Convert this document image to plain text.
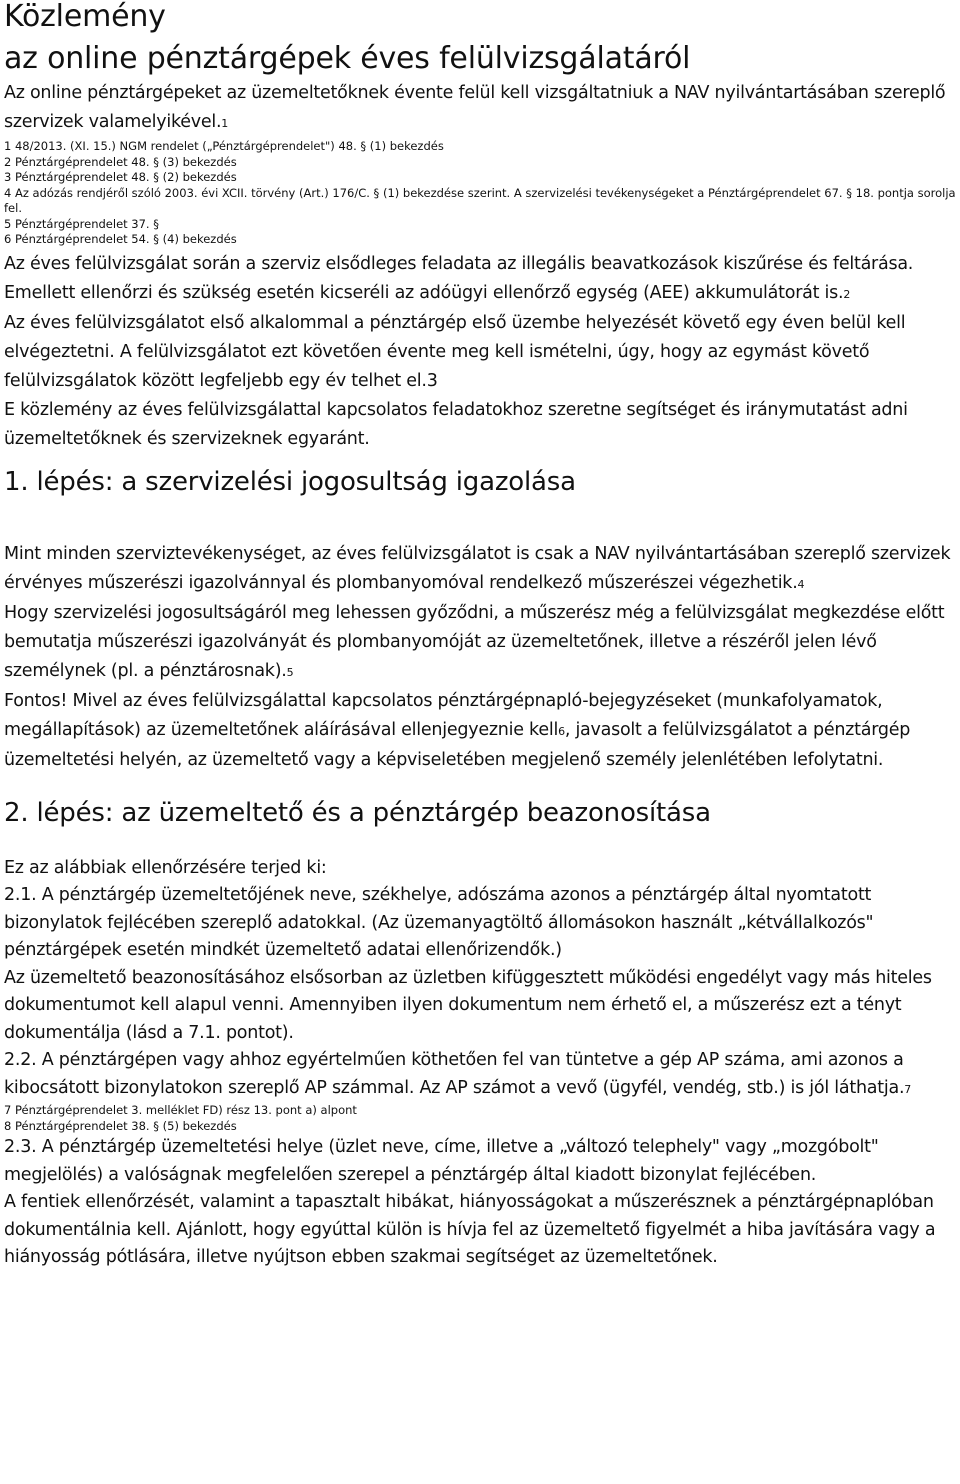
Közlemény
az online pénztárgépek éves felülvizsgálatáról

Az online pénztárgépeket az üzemeltetőknek évente felül kell vizsgáltatniuk a NAV nyilvántartásában szereplő szervizek valamelyikével.1

1 48/2013. (XI. 15.) NGM rendelet („Pénztárgéprendelet") 48. § (1) bekezdés

2 Pénztárgéprendelet 48. § (3) bekezdés

3 Pénztárgéprendelet 48. § (2) bekezdés

4 Az adózás rendjéről szóló 2003. évi XCII. törvény (Art.) 176/C. § (1) bekezdése szerint. A szervizelési tevékenységeket a Pénztárgéprendelet 67. § 18. pontja sorolja fel.

5 Pénztárgéprendelet 37. §

6 Pénztárgéprendelet 54. § (4) bekezdés

Az éves felülvizsgálat során a szerviz elsődleges feladata az illegális beavatkozások kiszűrése és feltárása. Emellett ellenőrzi és szükség esetén kicseréli az adóügyi ellenőrző egység (AEE) akkumulátorát is.2

Az éves felülvizsgálatot első alkalommal a pénztárgép első üzembe helyezését követő egy éven belül kell elvégeztetni. A felülvizsgálatot ezt követően évente meg kell ismételni, úgy, hogy az egymást követő felülvizsgálatok között legfeljebb egy év telhet el.3

E közlemény az éves felülvizsgálattal kapcsolatos feladatokhoz szeretne segítséget és iránymutatást adni üzemeltetőknek és szervizeknek egyaránt.

1. lépés: a szervizelési jogosultság igazolása

Mint minden szerviztevékenységet, az éves felülvizsgálatot is csak a NAV nyilvántartásában szereplő szervizek érvényes műszerészi igazolvánnyal és plombanyomóval rendelkező műszerészei végezhetik.4

Hogy szervizelési jogosultságáról meg lehessen győződni, a műszerész még a felülvizsgálat megkezdése előtt bemutatja műszerészi igazolványát és plombanyomóját az üzemeltetőnek, illetve a részéről jelen lévő személynek (pl. a pénztárosnak).5

Fontos! Mivel az éves felülvizsgálattal kapcsolatos pénztárgépnapló-bejegyzéseket (munkafolyamatok, megállapítások) az üzemeltetőnek aláírásával ellenjegyeznie kell6, javasolt a felülvizsgálatot a pénztárgép üzemeltetési helyén, az üzemeltető vagy a képviseletében megjelenő személy jelenlétében lefolytatni.

2. lépés: az üzemeltető és a pénztárgép beazonosítása

Ez az alábbiak ellenőrzésére terjed ki:

2.1. A pénztárgép üzemeltetőjének neve, székhelye, adószáma azonos a pénztárgép által nyomtatott bizonylatok fejlécében szereplő adatokkal. (Az üzemanyagtöltő állomásokon használt „kétvállalkozós" pénztárgépek esetén mindkét üzemeltető adatai ellenőrizendők.)

Az üzemeltető beazonosításához elsősorban az üzletben kifüggesztett működési engedélyt vagy más hiteles dokumentumot kell alapul venni. Amennyiben ilyen dokumentum nem érhető el, a műszerész ezt a tényt dokumentálja (lásd a 7.1. pontot).

2.2. A pénztárgépen vagy ahhoz egyértelműen köthetően fel van tüntetve a gép AP száma, ami azonos a kibocsátott bizonylatokon szereplő AP számmal. Az AP számot a vevő (ügyfél, vendég, stb.) is jól láthatja.7

7 Pénztárgéprendelet 3. melléklet FD) rész 13. pont a) alpont

8 Pénztárgéprendelet 38. § (5) bekezdés

2.3. A pénztárgép üzemeltetési helye (üzlet neve, címe, illetve a „változó telephely" vagy „mozgóbolt" megjelölés) a valóságnak megfelelően szerepel a pénztárgép által kiadott bizonylat fejlécében.

A fentiek ellenőrzését, valamint a tapasztalt hibákat, hiányosságokat a műszerésznek a pénztárgépnaplóban dokumentálnia kell. Ajánlott, hogy egyúttal külön is hívja fel az üzemeltető figyelmét a hiba javítására vagy a hiányosság pótlására, illetve nyújtson ebben szakmai segítséget az üzemeltetőnek.
